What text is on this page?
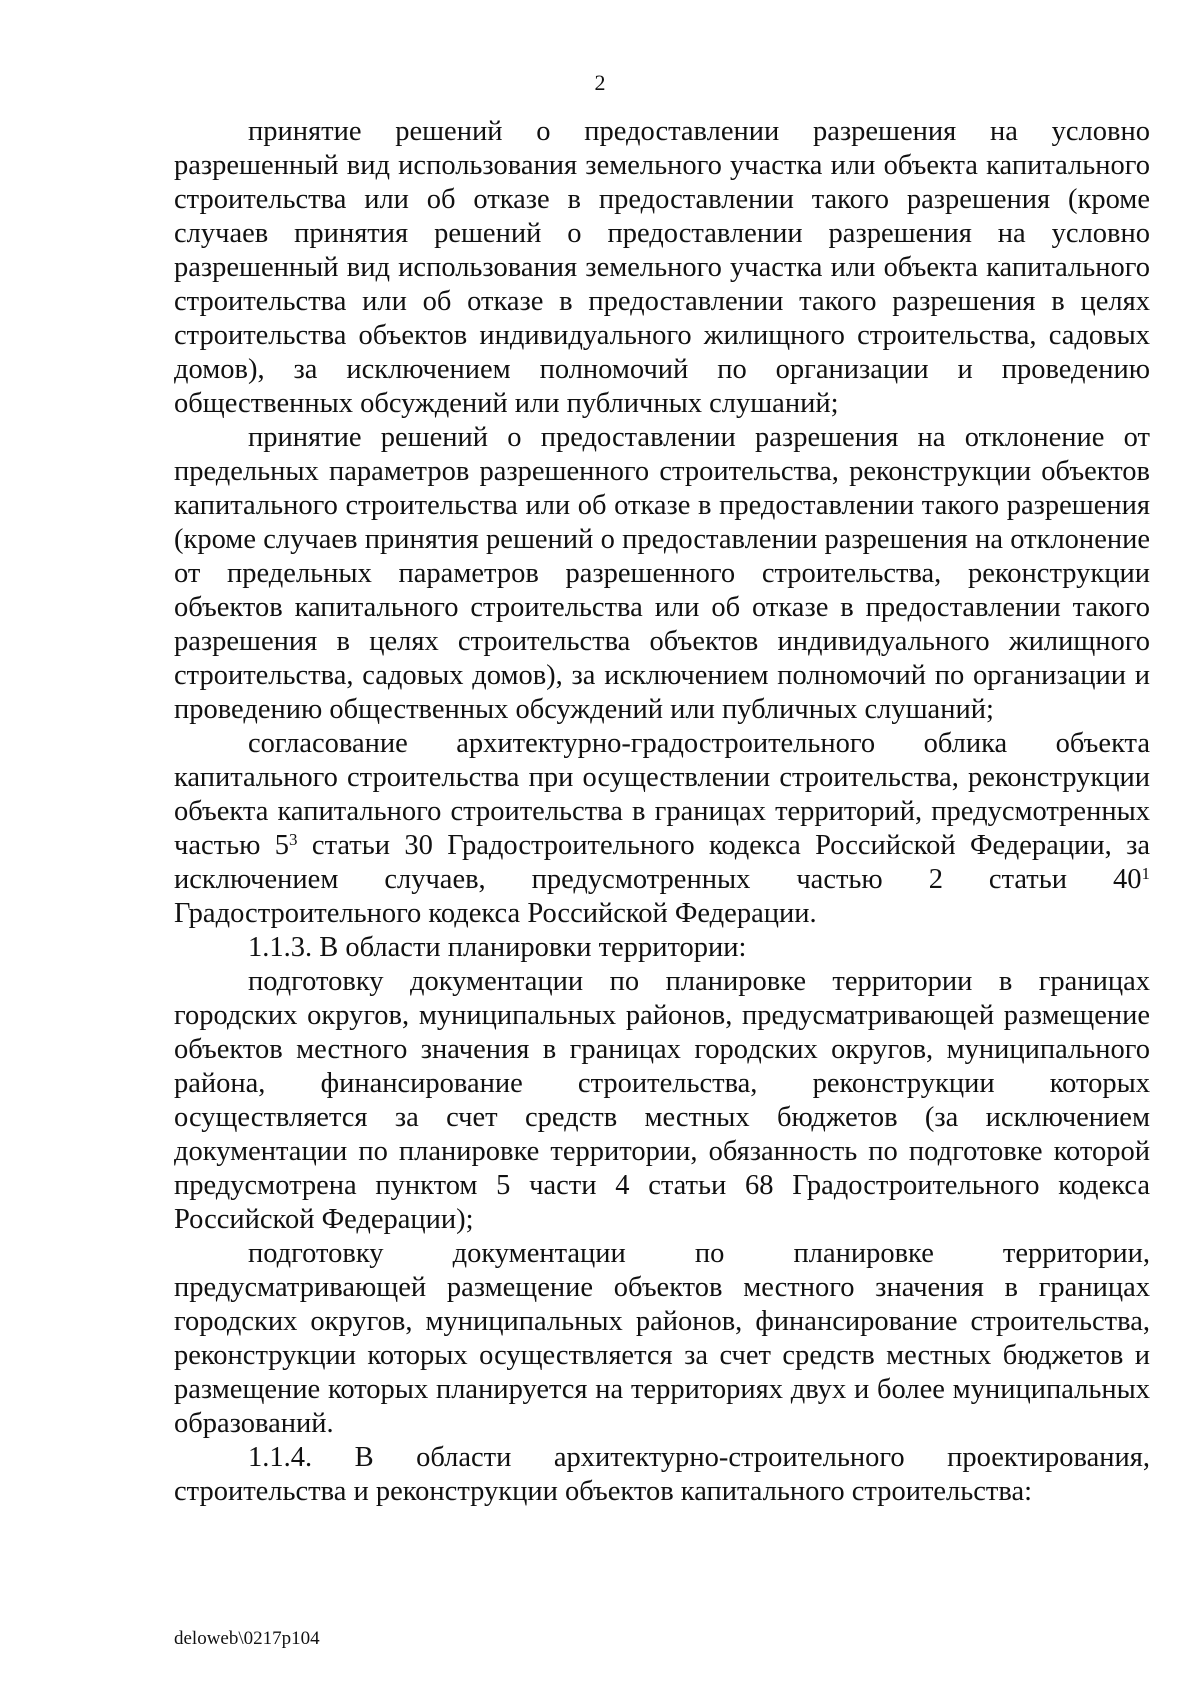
2

принятие решений о предоставлении разрешения на условно разрешенный вид использования земельного участка или объекта капитального строительства или об отказе в предоставлении такого разрешения (кроме случаев принятия решений о предоставлении разрешения на условно разрешенный вид использования земельного участка или объекта капитального строительства или об отказе в предоставлении такого разрешения в целях строительства объектов индивидуального жилищного строительства, садовых домов), за исключением полномочий по организации и проведению общественных обсуждений или публичных слушаний;

принятие решений о предоставлении разрешения на отклонение от предельных параметров разрешенного строительства, реконструкции объектов капитального строительства или об отказе в предоставлении такого разрешения (кроме случаев принятия решений о предоставлении разрешения на отклонение от предельных параметров разрешенного строительства, реконструкции объектов капитального строительства или об отказе в предоставлении такого разрешения в целях строительства объектов индивидуального жилищного строительства, садовых домов), за исключением полномочий по организации и проведению общественных обсуждений или публичных слушаний;

согласование архитектурно-градостроительного облика объекта капитального строительства при осуществлении строительства, реконструкции объекта капитального строительства в границах территорий, предусмотренных частью $5^3$ статьи 30 Градостроительного кодекса Российской Федерации, за исключением случаев, предусмотренных частью 2 статьи $40^1$ Градостроительного кодекса Российской Федерации.

1.1.3. В области планировки территории:

подготовку документации по планировке территории в границах городских округов, муниципальных районов, предусматривающей размещение объектов местного значения в границах городских округов, муниципального района, финансирование строительства, реконструкции которых осуществляется за счет средств местных бюджетов (за исключением документации по планировке территории, обязанность по подготовке которой предусмотрена пунктом 5 части 4 статьи 68 Градостроительного кодекса Российской Федерации);

подготовку документации по планировке территории, предусматривающей размещение объектов местного значения в границах городских округов, муниципальных районов, финансирование строительства, реконструкции которых осуществляется за счет средств местных бюджетов и размещение которых планируется на территориях двух и более муниципальных образований.

1.1.4. В области архитектурно-строительного проектирования, строительства и реконструкции объектов капитального строительства:

deloweb\0217p104
